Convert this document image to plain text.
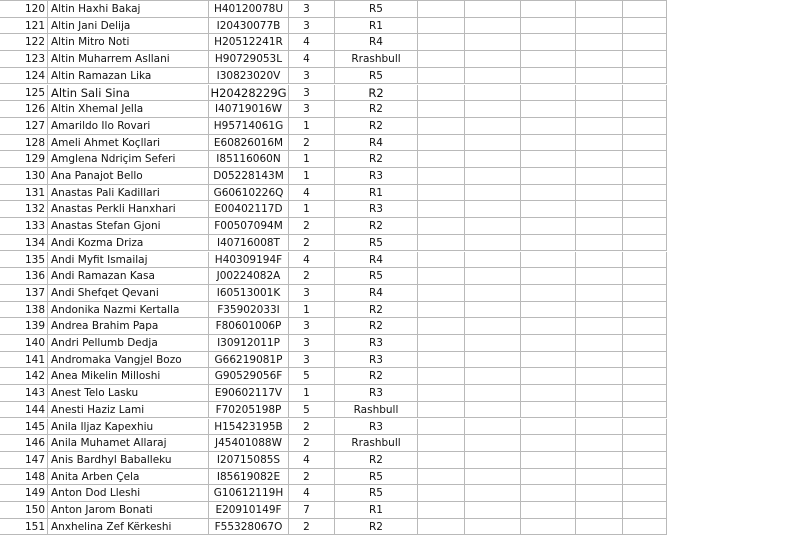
120 Altin Haxhi Bakaj	H40120078U	3	R5
121 Altin Jani Delija	I20430077B	3	R1
122 Altin Mitro Noti	H20512241R	4	R4
123 Altin Muharrem Asllani	H90729053L	4	Rrashbull
124 Altin Ramazan Lika	I30823020V	3	R5
125 Altin Sali Sina	H20428229G	3	R2
126 Altin Xhemal Jella	I40719016W	3	R2
127 Amarildo Ilo Rovari	H95714061G	1	R2
128 Ameli Ahmet Koçllari	E60826016M	2	R4
129 Amglena Ndriçim Seferi	I85116060N	1	R2
130 Ana Panajot Bello	D05228143M	1	R3
131 Anastas Pali Kadillari	G60610226Q	4	R1
132 Anastas Perkli Hanxhari	E00402117D	1	R3
133 Anastas Stefan Gjoni	F00507094M	2	R2
134 Andi Kozma Driza	I40716008T	2	R5
135 Andi Myfit Ismailaj	H40309194F	4	R4
136 Andi Ramazan Kasa	J00224082A	2	R5
137 Andi Shefqet Qevani	I60513001K	3	R4
138 Andonika Nazmi Kertalla	F35902033I	1	R2
139 Andrea Brahim Papa	F80601006P	3	R2
140 Andri Pellumb Dedja	I30912011P	3	R3
141 Andromaka Vangjel Bozo	G66219081P	3	R3
142 Anea Mikelin Milloshi	G90529056F	5	R2
143 Anest Telo Lasku	E90602117V	1	R3
144 Anesti Haziz Lami	F70205198P	5	Rashbull
145 Anila Iljaz Kapexhiu	H15423195B	2	R3
146 Anila Muhamet Allaraj	J45401088W	2	Rrashbull
147 Anis Bardhyl Baballeku	I20715085S	4	R2
148 Anita Arben Çela	I85619082E	2	R5
149 Anton Dod Lleshi	G10612119H	4	R5
150 Anton Jarom Bonati	E20910149F	7	R1
151 Anxhelina Zef Kërkeshi	F55328067O	2	R2
